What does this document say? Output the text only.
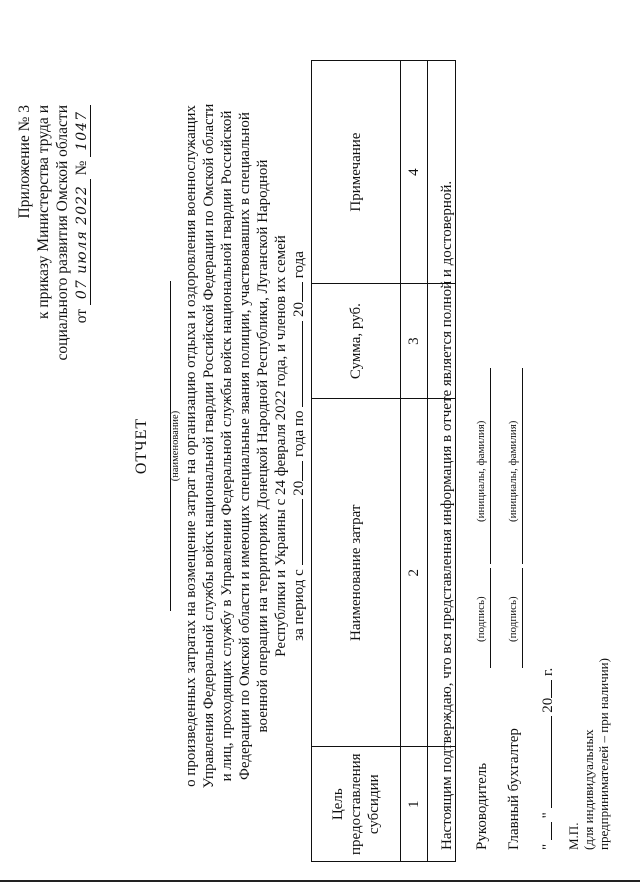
Приложение № 3 к приказу Министерства труда и социального развития Омской области от 07 июля 2022 № 1047
ОТЧЕТ (наименование) о произведенных затратах на возмещение затрат на организацию отдыха и оздоровления военнослужащих Управления Федеральной службы войск национальной гвардии Российской Федерации по Омской области и лиц, проходящих службу в Управлении Федеральной службы войск национальной гвардии Российской Федерации по Омской области и имеющих специальные звания полиции, участвовавших в специальной военной операции на территориях Донецкой Народной Республики, Луганской Народной Республики и Украины с 24 февраля 2022 года, и членов их семей за период с  20 года по  20 года
Цель предоставления субсидии	Наименование затрат	Сумма, руб.	Примечание
1	2	3	4

Настоящим подтверждаю, что вся представленная информация в отчете является полной и достоверной. Руководитель
(подпись)
(инициалы, фамилия)
Главный бухгалтер
(подпись)
(инициалы, фамилия)
"  "  20 г.
М.П. (для индивидуальных предпринимателей – при наличии)
